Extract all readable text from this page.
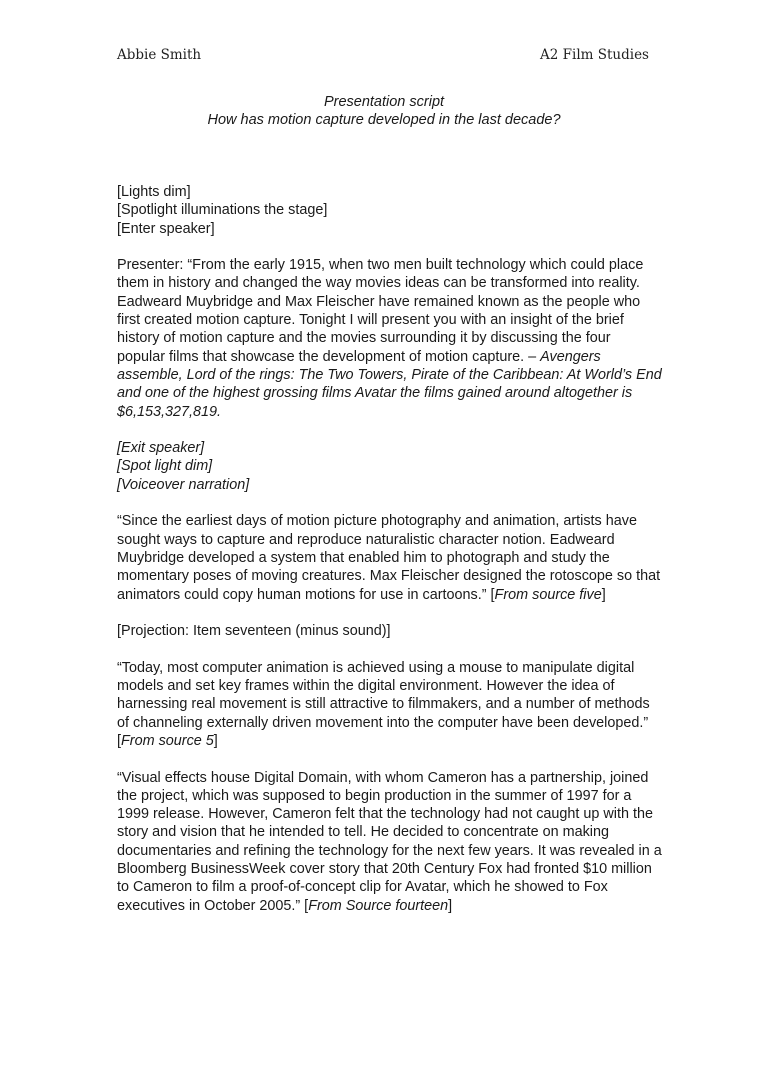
Abbie Smith	A2 Film Studies
Presentation script
How has motion capture developed in the last decade?

[Lights dim]
[Spotlight illuminations the stage]
[Enter speaker]

Presenter: “From the early 1915, when two men built technology which could place them in history and changed the way movies ideas can be transformed into reality. Eadweard Muybridge and Max Fleischer have remained known as the people who first created motion capture. Tonight I will present you with an insight of the brief history of motion capture and the movies surrounding it by discussing the four popular films that showcase the development of motion capture. – Avengers assemble, Lord of the rings: The Two Towers, Pirate of the Caribbean: At World’s End and one of the highest grossing films Avatar the films gained around altogether is $6,153,327,819.

[Exit speaker]
[Spot light dim]
[Voiceover narration]

“Since the earliest days of motion picture photography and animation, artists have sought ways to capture and reproduce naturalistic character notion. Eadweard Muybridge developed a system that enabled him to photograph and study the momentary poses of moving creatures. Max Fleischer designed the rotoscope so that animators could copy human motions for use in cartoons.” [From source five]

[Projection: Item seventeen (minus sound)]

“Today, most computer animation is achieved using a mouse to manipulate digital models and set key frames within the digital environment. However the idea of harnessing real movement is still attractive to filmmakers, and a number of methods of channeling externally driven movement into the computer have been developed.” [From source 5]

“Visual effects house Digital Domain, with whom Cameron has a partnership, joined the project, which was supposed to begin production in the summer of 1997 for a 1999 release. However, Cameron felt that the technology had not caught up with the story and vision that he intended to tell. He decided to concentrate on making documentaries and refining the technology for the next few years. It was revealed in a Bloomberg BusinessWeek cover story that 20th Century Fox had fronted $10 million to Cameron to film a proof-of-concept clip for Avatar, which he showed to Fox executives in October 2005.” [From Source fourteen]
